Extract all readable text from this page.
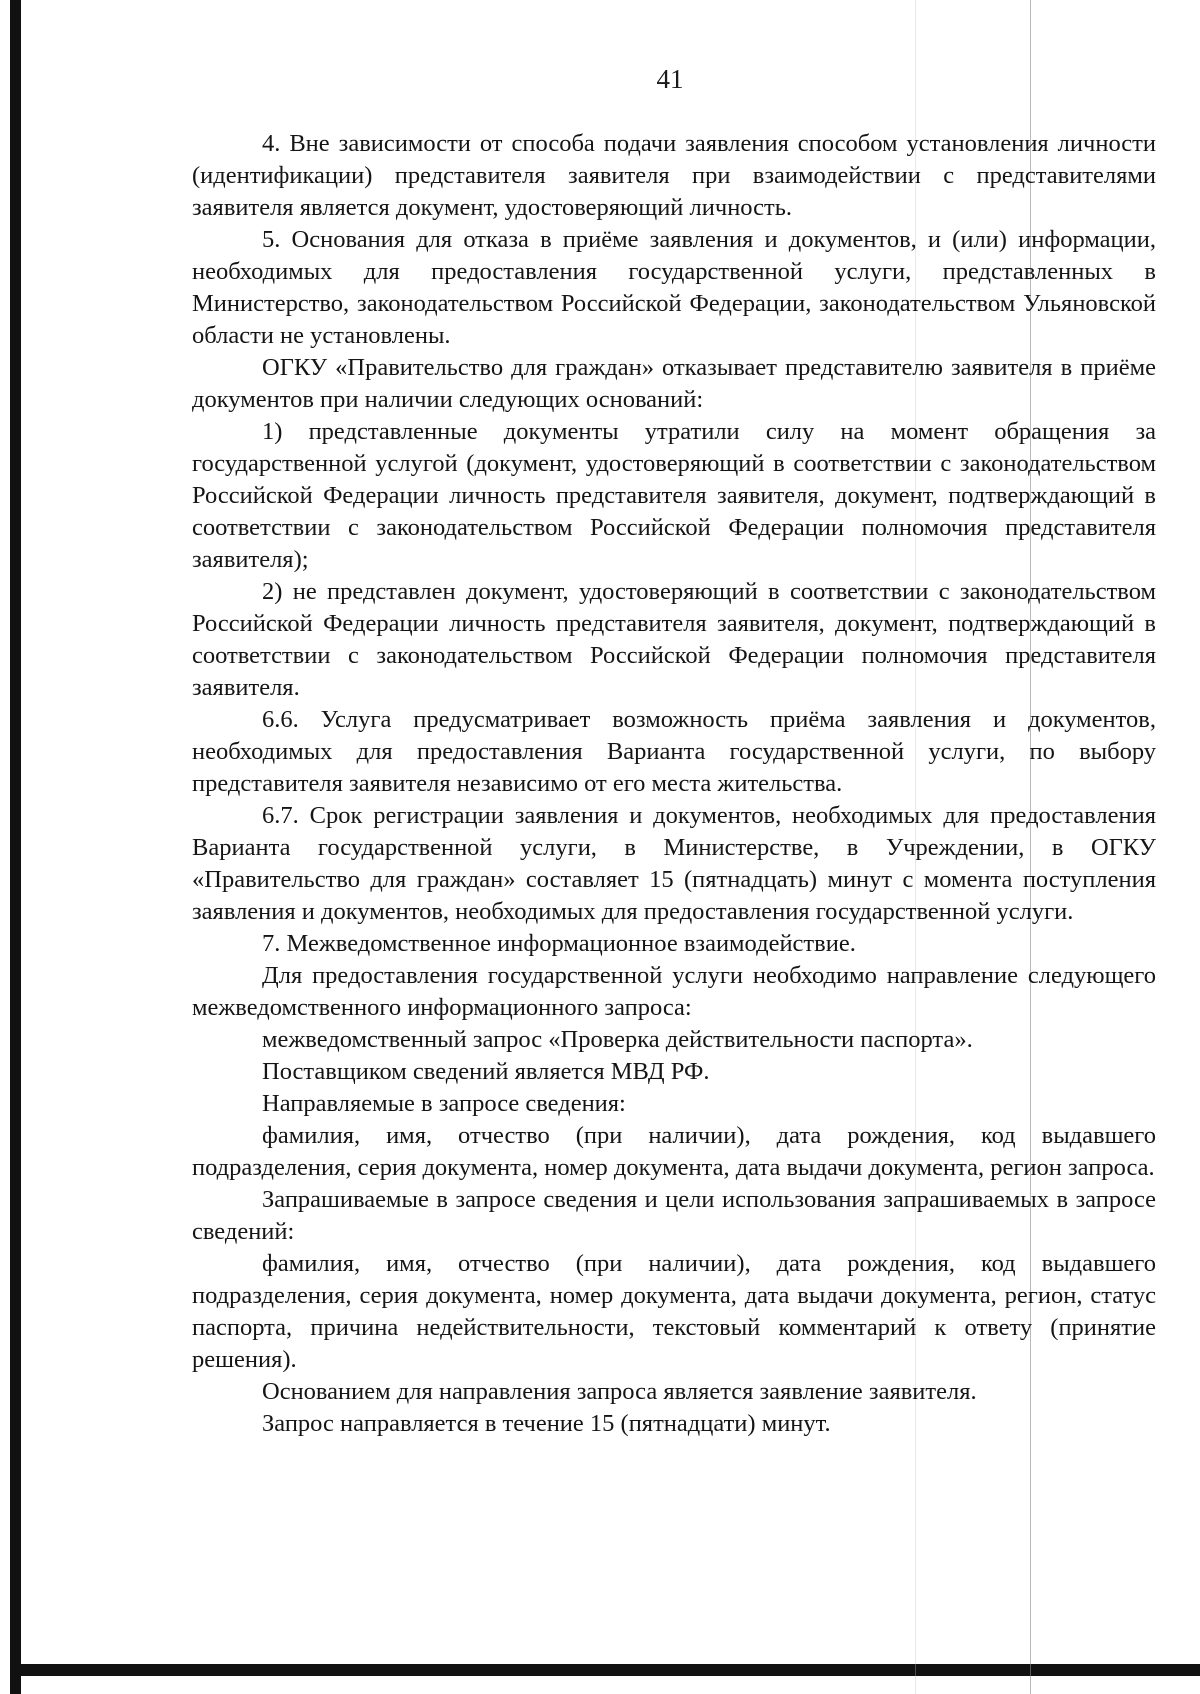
41

4. Вне зависимости от способа подачи заявления способом установления личности (идентификации) представителя заявителя при взаимодействии с представителями заявителя является документ, удостоверяющий личность.

5. Основания для отказа в приёме заявления и документов, и (или) информации, необходимых для предоставления государственной услуги, представленных в Министерство, законодательством Российской Федерации, законодательством Ульяновской области не установлены.

ОГКУ «Правительство для граждан» отказывает представителю заявителя в приёме документов при наличии следующих оснований:

1) представленные документы утратили силу на момент обращения за государственной услугой (документ, удостоверяющий в соответствии с законодательством Российской Федерации личность представителя заявителя, документ, подтверждающий в соответствии с законодательством Российской Федерации полномочия представителя заявителя);

2) не представлен документ, удостоверяющий в соответствии с законодательством Российской Федерации личность представителя заявителя, документ, подтверждающий в соответствии с законодательством Российской Федерации полномочия представителя заявителя.

6.6. Услуга предусматривает возможность приёма заявления и документов, необходимых для предоставления Варианта государственной услуги, по выбору представителя заявителя независимо от его места жительства.

6.7. Срок регистрации заявления и документов, необходимых для предоставления Варианта государственной услуги, в Министерстве, в Учреждении, в ОГКУ «Правительство для граждан» составляет 15 (пятнадцать) минут с момента поступления заявления и документов, необходимых для предоставления государственной услуги.

7. Межведомственное информационное взаимодействие.

Для предоставления государственной услуги необходимо направление следующего межведомственного информационного запроса:

межведомственный запрос «Проверка действительности паспорта».

Поставщиком сведений является МВД РФ.

Направляемые в запросе сведения:

фамилия, имя, отчество (при наличии), дата рождения, код выдавшего подразделения, серия документа, номер документа, дата выдачи документа, регион запроса.

Запрашиваемые в запросе сведения и цели использования запрашиваемых в запросе сведений:

фамилия, имя, отчество (при наличии), дата рождения, код выдавшего подразделения, серия документа, номер документа, дата выдачи документа, регион, статус паспорта, причина недействительности, текстовый комментарий к ответу (принятие решения).

Основанием для направления запроса является заявление заявителя.

Запрос направляется в течение 15 (пятнадцати) минут.
